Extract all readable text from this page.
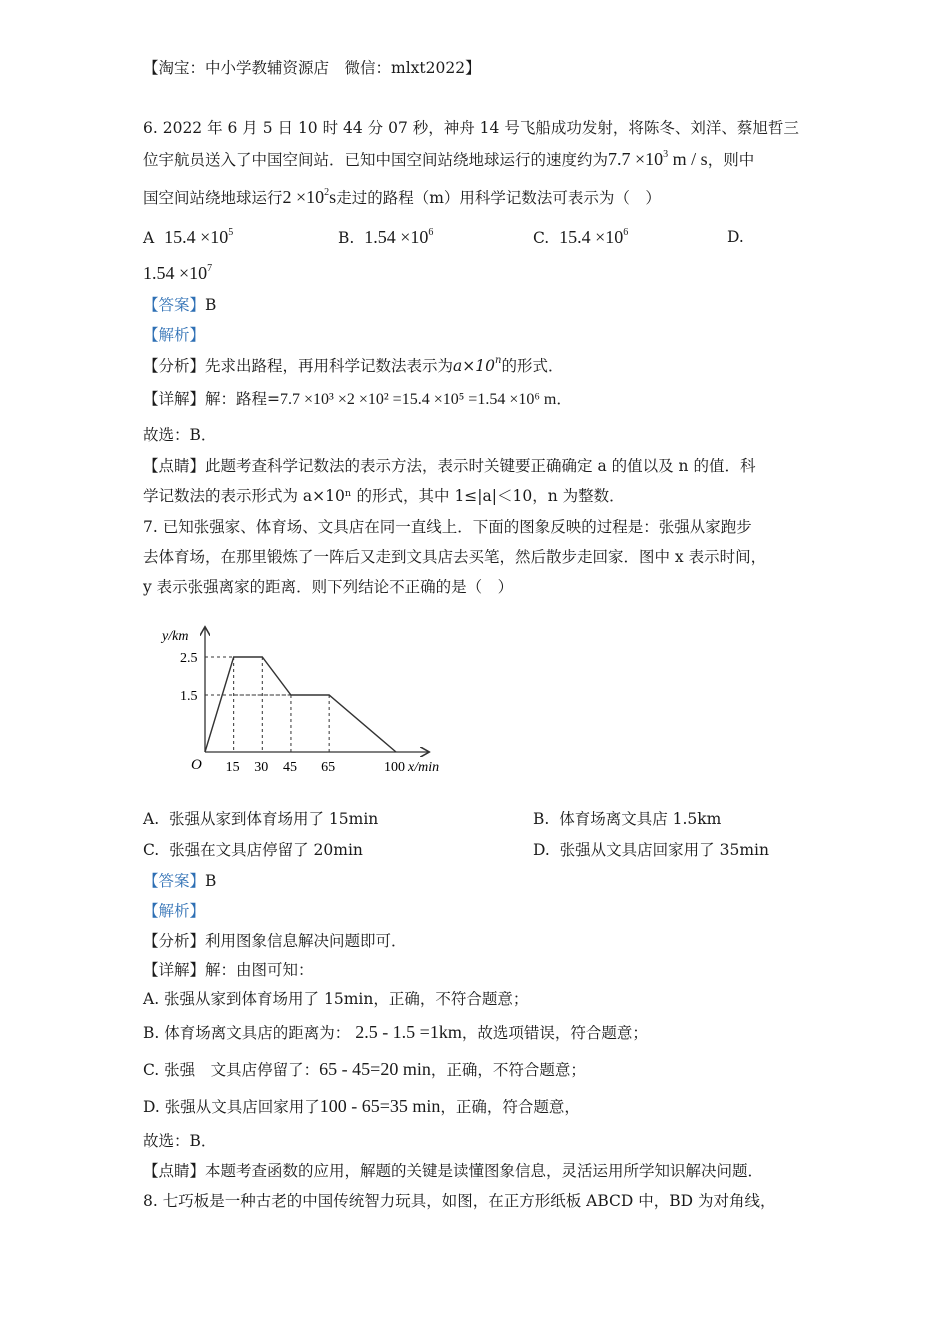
【淘宝：中小学教辅资源店　微信：mlxt2022】
6. 2022 年 6 月 5 日 10 时 44 分 07 秒，神舟 14 号飞船成功发射，将陈冬、刘洋、蔡旭哲三
位宇航员送入了中国空间站．已知中国空间站绕地球运行的速度约为$7.7 \times 10^3$ m / s，则中
国空间站绕地球运行$2 \times 10^2s$走过的路程（m）用科学记数法可表示为（　）
A $15.4 \times 10^5$	B. $1.54 \times 10^6$	C. $15.4 \times 10^6$	D.
$1.54 \times 10^7$
【答案】B
【解析】
【分析】先求出路程，再用科学记数法表示为$a\times 10^n$的形式．
【详解】解：路程=7.7 ×10³ ×2 ×10² =15.4 ×10⁵ =1.54 ×10⁶ m．
故选：B．
【点睛】此题考查科学记数法的表示方法，表示时关键要正确确定 a 的值以及 n 的值．科
学记数法的表示形式为 a×10ⁿ 的形式，其中 1≤|a|＜10，n 为整数．
7. 已知张强家、体育场、文具店在同一直线上．下面的图象反映的过程是：张强从家跑步
去体育场，在那里锻炼了一阵后又走到文具店去买笔，然后散步走回家．图中 x 表示时间，
y 表示张强离家的距离．则下列结论不正确的是（　）
y/km
O 15 30 45 65	100 x/min
2.5
1.5
A. 张强从家到体育场用了 15min	B. 体育场离文具店 1.5km
C. 张强在文具店停留了 20min	D. 张强从文具店回家用了 35min
【答案】B
【解析】
【分析】利用图象信息解决问题即可．
【详解】解：由图可知：
A. 张强从家到体育场用了 15min，正确，不符合题意；
B. 体育场离文具店的距离为： 2.5 - 1.5 =1km，故选项错误，符合题意；
C. 张强　文具店停留了：65 - 45=20 min，正确，不符合题意；
D. 张强从文具店回家用了100 - 65=35 min，正确，符合题意，
故选：B．
【点睛】本题考查函数的应用，解题的关键是读懂图象信息，灵活运用所学知识解决问题．
8. 七巧板是一种古老的中国传统智力玩具，如图，在正方形纸板 ABCD 中，BD 为对角线，
